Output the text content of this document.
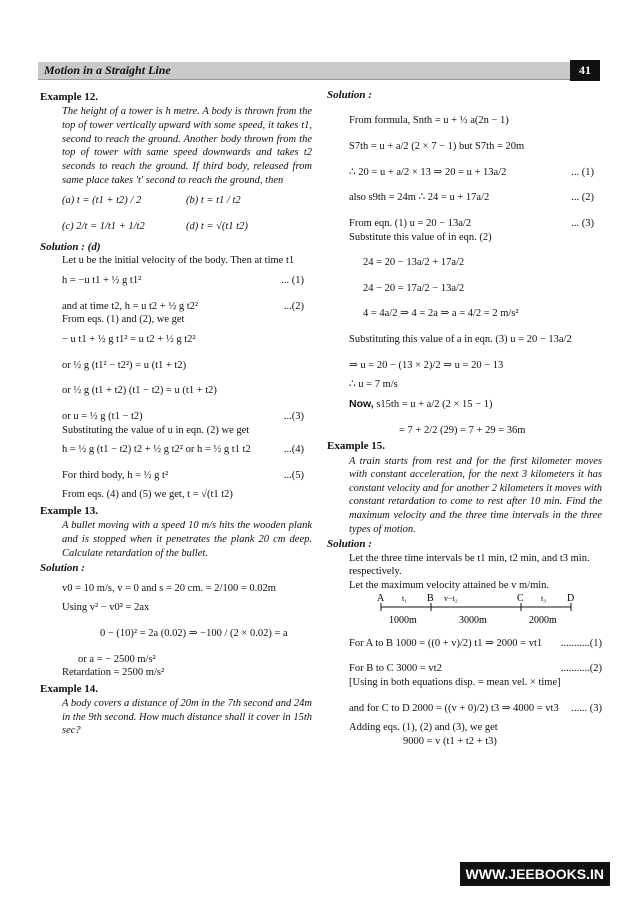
Motion in a Straight Line	41
Example 12.
The height of a tower is h metre. A body is thrown from the top of tower vertically upward with some speed, it takes t1, second to reach the ground. Another body thrown from the top of tower with same speed downwards and takes t2 seconds to reach the ground. If third body, released from same place takes 't' second to reach the ground, then
(a) t = (t1 + t2) / 2	(b) t = t1 / t2
(c) 2/t = 1/t1 + 1/t2	(d) t = √(t1 t2)
Solution : (d)
Let u be the initial velocity of the body. Then at time t1
h = −u t1 + ½ g t1²	... (1)
and at time t2, h = u t2 + ½ g t2²	...(2)
From eqs. (1) and (2), we get
− u t1 + ½ g t1² = u t2 + ½ g t2²
or ½ g (t1² − t2²) = u (t1 + t2)
or ½ g (t1 + t2) (t1 − t2) = u (t1 + t2)
or u = ½ g (t1 − t2)	...(3)
Substituting the value of u in eqn. (2) we get
h = ½ g (t1 − t2) t2 + ½ g t2² or h = ½ g t1 t2	...(4)
For third body, h = ½ g t²	...(5)
From eqs. (4) and (5) we get, t = √(t1 t2)
Example 13.
A bullet moving with a speed 10 m/s hits the wooden plank and is stopped when it penetrates the plank 20 cm deep. Calculate retardation of the bullet.
Solution :
v0 = 10 m/s, v = 0 and s = 20 cm. = 2/100 = 0.02m
Using v² − v0² = 2ax
0 − (10)² = 2a (0.02) ⇒ −100 / (2 × 0.02) = a
or a = − 2500 m/s²
Retardation = 2500 m/s²
Example 14.
A body covers a distance of 20m in the 7th second and 24m in the 9th second. How much distance shall it cover in 15th sec?
Solution :
From formula, Snth = u + ½ a(2n − 1)
S7th = u + a/2 (2 × 7 − 1) but S7th = 20m
∴ 20 = u + a/2 × 13 ⇒ 20 = u + 13a/2	... (1)
also s9th = 24m ∴ 24 = u + 17a/2	... (2)
From eqn. (1) u = 20 − 13a/2	... (3)
Substitute this value of in eqn. (2)
24 = 20 − 13a/2 + 17a/2
24 − 20 = 17a/2 − 13a/2
4 = 4a/2 ⇒ 4 = 2a ⇒ a = 4/2 = 2 m/s²
Substituting this value of a in eqn. (3) u = 20 − 13a/2
⇒ u = 20 − (13 × 2)/2 ⇒ u = 20 − 13
∴ u = 7 m/s
Now, s15th = u + a/2 (2 × 15 − 1)
= 7 + 2/2 (29) = 7 + 29 = 36m
Example 15.
A train starts from rest and for the first kilometer moves with constant acceleration, for the next 3 kilometers it has constant velocity and for another 2 kilometers it moves with constant retardation to come to rest after 10 min. Find the maximum velocity and the three time intervals in the three types of motion.
Solution :
Let the three time intervals be t1 min, t2 min, and t3 min. respectively.
Let the maximum velocity attained be v m/min.
A	B	C	D
t₁	v−t₂	t₃
1000m	3000m	2000m
For A to B 1000 = ((0 + v)/2) t1 ⇒ 2000 = vt1 ...........(1)
For B to C 3000 = vt2	...........(2)
[Using in both equations disp. = mean vel. × time]
and for C to D 2000 = ((v + 0)/2) t3 ⇒ 4000 = vt3 ...... (3)
Adding eqs. (1), (2) and (3), we get
9000 = v (t1 + t2 + t3)
WWW.JEEBOOKS.IN
